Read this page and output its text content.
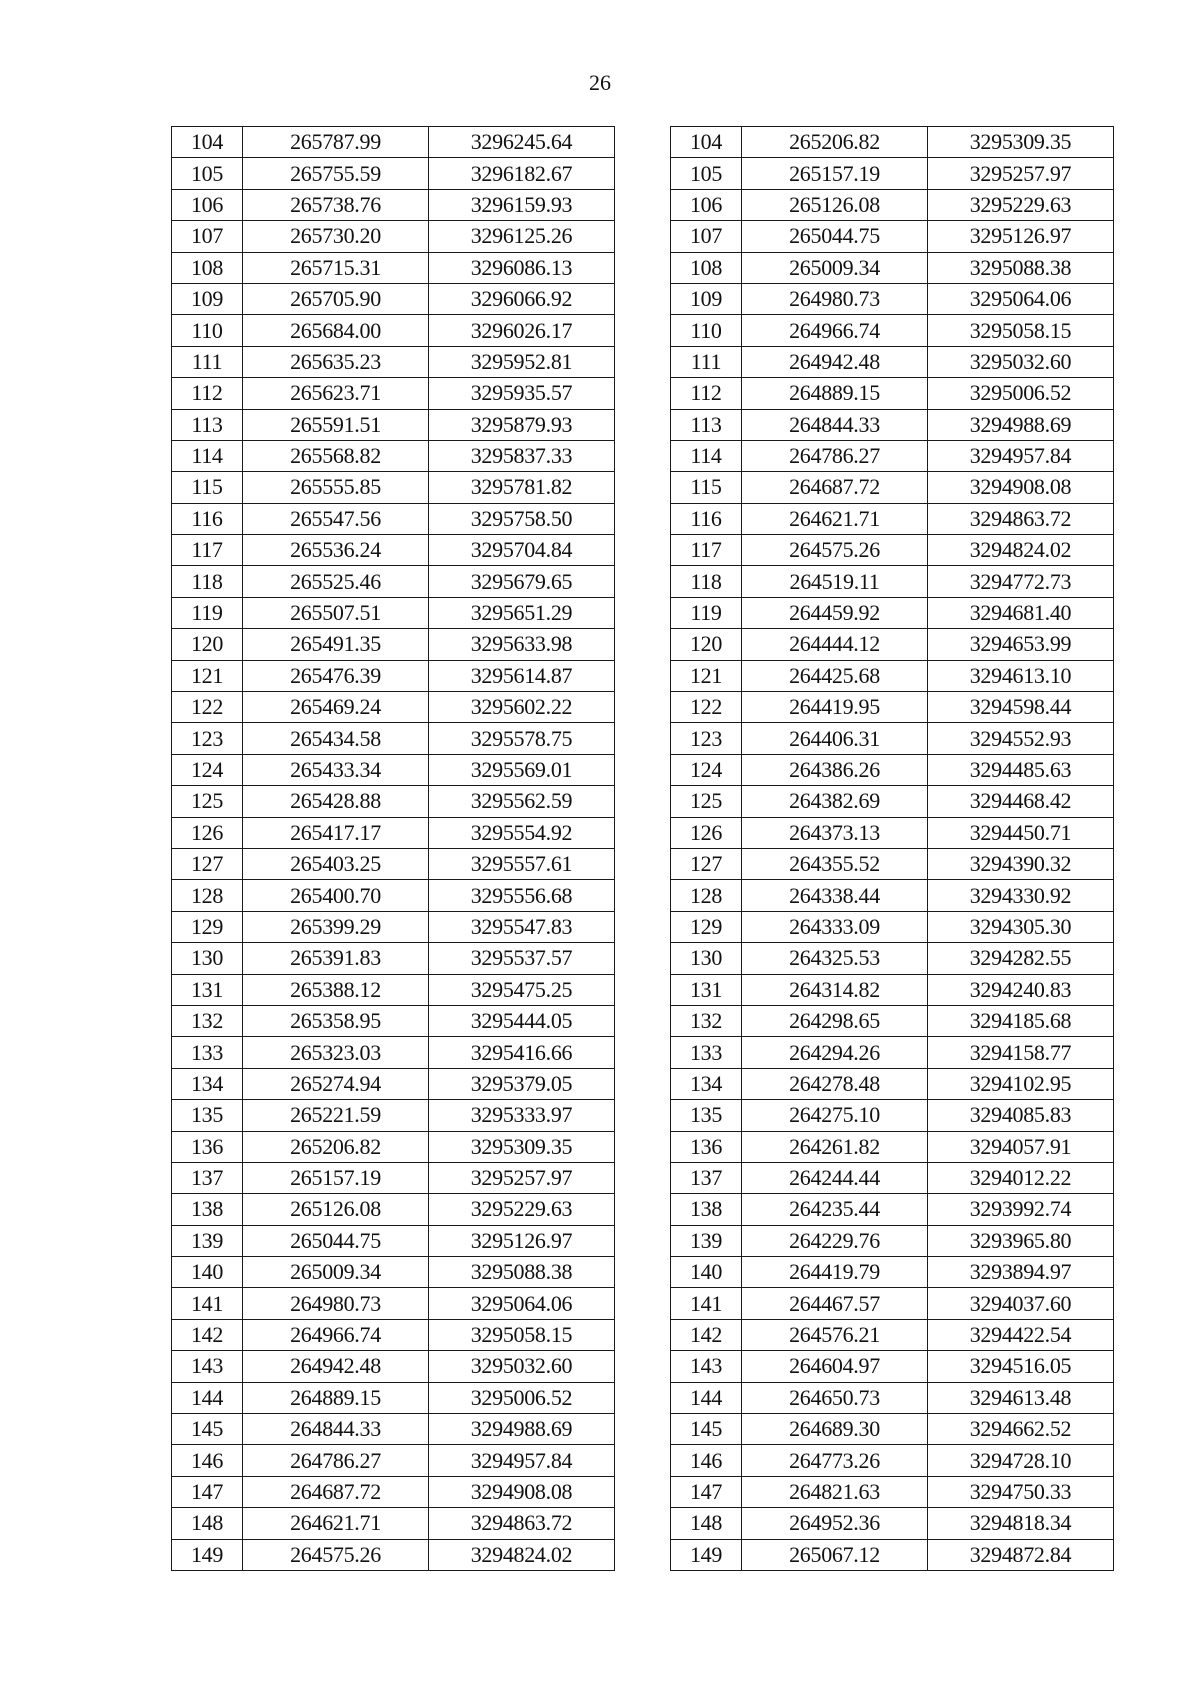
26
104	265787.99	3296245.64		104	265206.82	3295309.35
105	265755.59	3296182.67		105	265157.19	3295257.97
106	265738.76	3296159.93		106	265126.08	3295229.63
107	265730.20	3296125.26		107	265044.75	3295126.97
108	265715.31	3296086.13		108	265009.34	3295088.38
109	265705.90	3296066.92		109	264980.73	3295064.06
110	265684.00	3296026.17		110	264966.74	3295058.15
111	265635.23	3295952.81		111	264942.48	3295032.60
112	265623.71	3295935.57		112	264889.15	3295006.52
113	265591.51	3295879.93		113	264844.33	3294988.69
114	265568.82	3295837.33		114	264786.27	3294957.84
115	265555.85	3295781.82		115	264687.72	3294908.08
116	265547.56	3295758.50		116	264621.71	3294863.72
117	265536.24	3295704.84		117	264575.26	3294824.02
118	265525.46	3295679.65		118	264519.11	3294772.73
119	265507.51	3295651.29		119	264459.92	3294681.40
120	265491.35	3295633.98		120	264444.12	3294653.99
121	265476.39	3295614.87		121	264425.68	3294613.10
122	265469.24	3295602.22		122	264419.95	3294598.44
123	265434.58	3295578.75		123	264406.31	3294552.93
124	265433.34	3295569.01		124	264386.26	3294485.63
125	265428.88	3295562.59		125	264382.69	3294468.42
126	265417.17	3295554.92		126	264373.13	3294450.71
127	265403.25	3295557.61		127	264355.52	3294390.32
128	265400.70	3295556.68		128	264338.44	3294330.92
129	265399.29	3295547.83		129	264333.09	3294305.30
130	265391.83	3295537.57		130	264325.53	3294282.55
131	265388.12	3295475.25		131	264314.82	3294240.83
132	265358.95	3295444.05		132	264298.65	3294185.68
133	265323.03	3295416.66		133	264294.26	3294158.77
134	265274.94	3295379.05		134	264278.48	3294102.95
135	265221.59	3295333.97		135	264275.10	3294085.83
136	265206.82	3295309.35		136	264261.82	3294057.91
137	265157.19	3295257.97		137	264244.44	3294012.22
138	265126.08	3295229.63		138	264235.44	3293992.74
139	265044.75	3295126.97		139	264229.76	3293965.80
140	265009.34	3295088.38		140	264419.79	3293894.97
141	264980.73	3295064.06		141	264467.57	3294037.60
142	264966.74	3295058.15		142	264576.21	3294422.54
143	264942.48	3295032.60		143	264604.97	3294516.05
144	264889.15	3295006.52		144	264650.73	3294613.48
145	264844.33	3294988.69		145	264689.30	3294662.52
146	264786.27	3294957.84		146	264773.26	3294728.10
147	264687.72	3294908.08		147	264821.63	3294750.33
148	264621.71	3294863.72		148	264952.36	3294818.34
149	264575.26	3294824.02		149	265067.12	3294872.84
